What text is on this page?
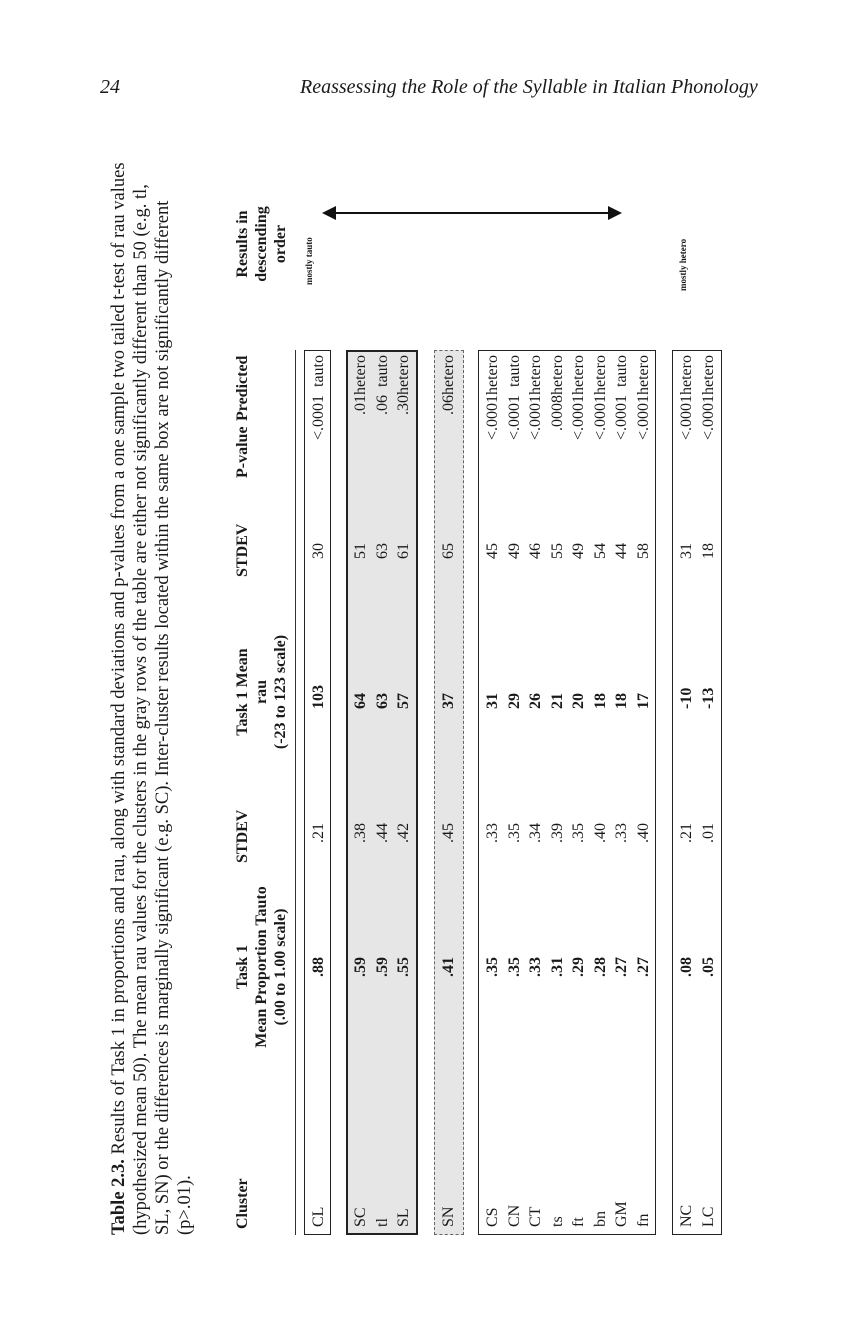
24	Reassessing the Role of the Syllable in Italian Phonology
Table 2.3. Results of Task 1 in proportions and rau, along with standard deviations and p-values from a one sample two tailed t-test of rau values (hypothesized mean 50). The mean rau values for the clusters in the gray rows of the table are either not significantly different than 50 (e.g. tl, SL, SN) or the differences is marginally significant (e.g. SC). Inter-cluster results located within the same box are not significantly different (p>.01). Cluster
Task 1 Mean Proportion Tauto (.00 to 1.00 scale)
STDEV
Task 1 Mean rau (-23 to 123 scale)
STDEV
P-value
Predicted
Results in descending order
CL
.88
.21
103
30
<.0001
tauto
SC
.59
.38
64
51
.01
hetero
tl
.59
.44
63
63
.06
tauto
SL
.55
.42
57
61
.30
hetero
SN
.41
.45
37
65
.06
hetero
CS
.35
.33
31
45
<.0001
hetero
CN
.35
.35
29
49
<.0001
tauto
CT
.33
.34
26
46
<.0001
hetero
ts
.31
.39
21
55
.0008
hetero
ft
.29
.35
20
49
<.0001
hetero
bn
.28
.40
18
54
<.0001
hetero
GM
.27
.33
18
44
<.0001
tauto
fn
.27
.40
17
58
<.0001
hetero
NC
.08
.21
-10
31
<.0001
hetero
LC
.05
.01
-13
18
<.0001
hetero
mostly tauto	mostly hetero
